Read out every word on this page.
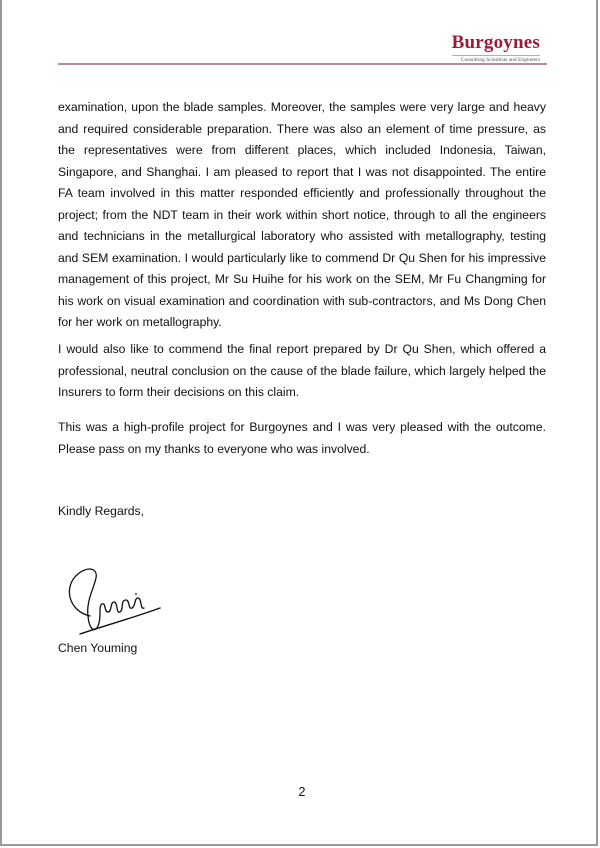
Burgoynes
Consulting Scientists and Engineers
examination, upon the blade samples. Moreover, the samples were very large and heavy and required considerable preparation. There was also an element of time pressure, as the representatives were from different places, which included Indonesia, Taiwan, Singapore, and Shanghai. I am pleased to report that I was not disappointed. The entire FA team involved in this matter responded efficiently and professionally throughout the project; from the NDT team in their work within short notice, through to all the engineers and technicians in the metallurgical laboratory who assisted with metallography, testing and SEM examination. I would particularly like to commend Dr Qu Shen for his impressive management of this project, Mr Su Huihe for his work on the SEM, Mr Fu Changming for his work on visual examination and coordination with sub-contractors, and Ms Dong Chen for her work on metallography.
I would also like to commend the final report prepared by Dr Qu Shen, which offered a professional, neutral conclusion on the cause of the blade failure, which largely helped the Insurers to form their decisions on this claim.
This was a high-profile project for Burgoynes and I was very pleased with the outcome. Please pass on my thanks to everyone who was involved.
Kindly Regards,
Chen Youming
2
